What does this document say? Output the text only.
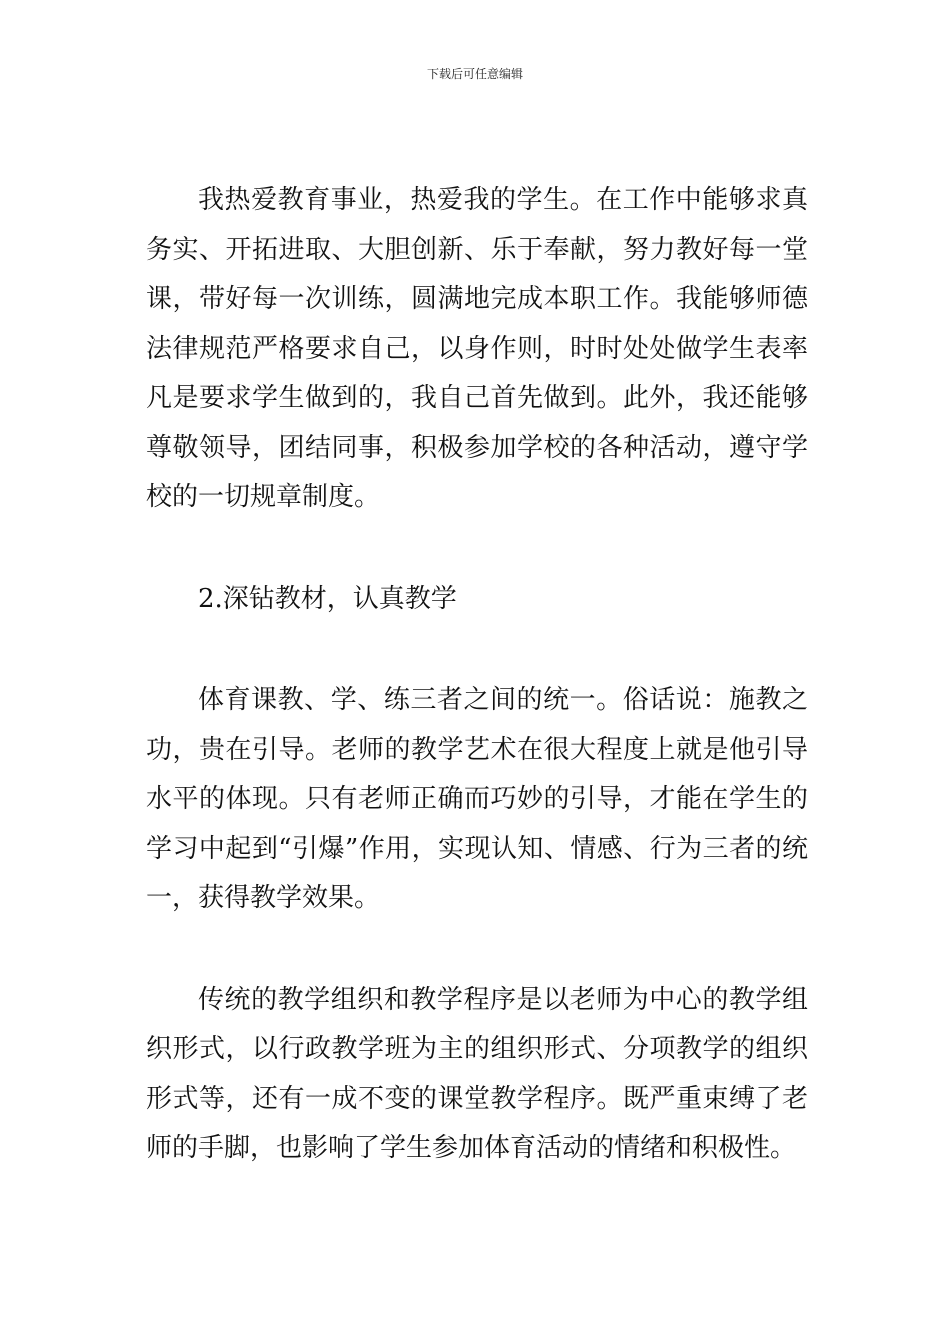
下载后可任意编辑

我热爱教育事业，热爱我的学生。在工作中能够求真务实、开拓进取、大胆创新、乐于奉献，努力教好每一堂课，带好每一次训练，圆满地完成本职工作。我能够师德法律规范严格要求自己，以身作则，时时处处做学生表率凡是要求学生做到的，我自己首先做到。此外，我还能够尊敬领导，团结同事，积极参加学校的各种活动，遵守学校的一切规章制度。

2.深钻教材，认真教学

体育课教、学、练三者之间的统一。俗话说：施教之功，贵在引导。老师的教学艺术在很大程度上就是他引导水平的体现。只有老师正确而巧妙的引导，才能在学生的学习中起到“引爆”作用，实现认知、情感、行为三者的统一，获得教学效果。

传统的教学组织和教学程序是以老师为中心的教学组织形式，以行政教学班为主的组织形式、分项教学的组织形式等，还有一成不变的课堂教学程序。既严重束缚了老师的手脚，也影响了学生参加体育活动的情绪和积极性。
